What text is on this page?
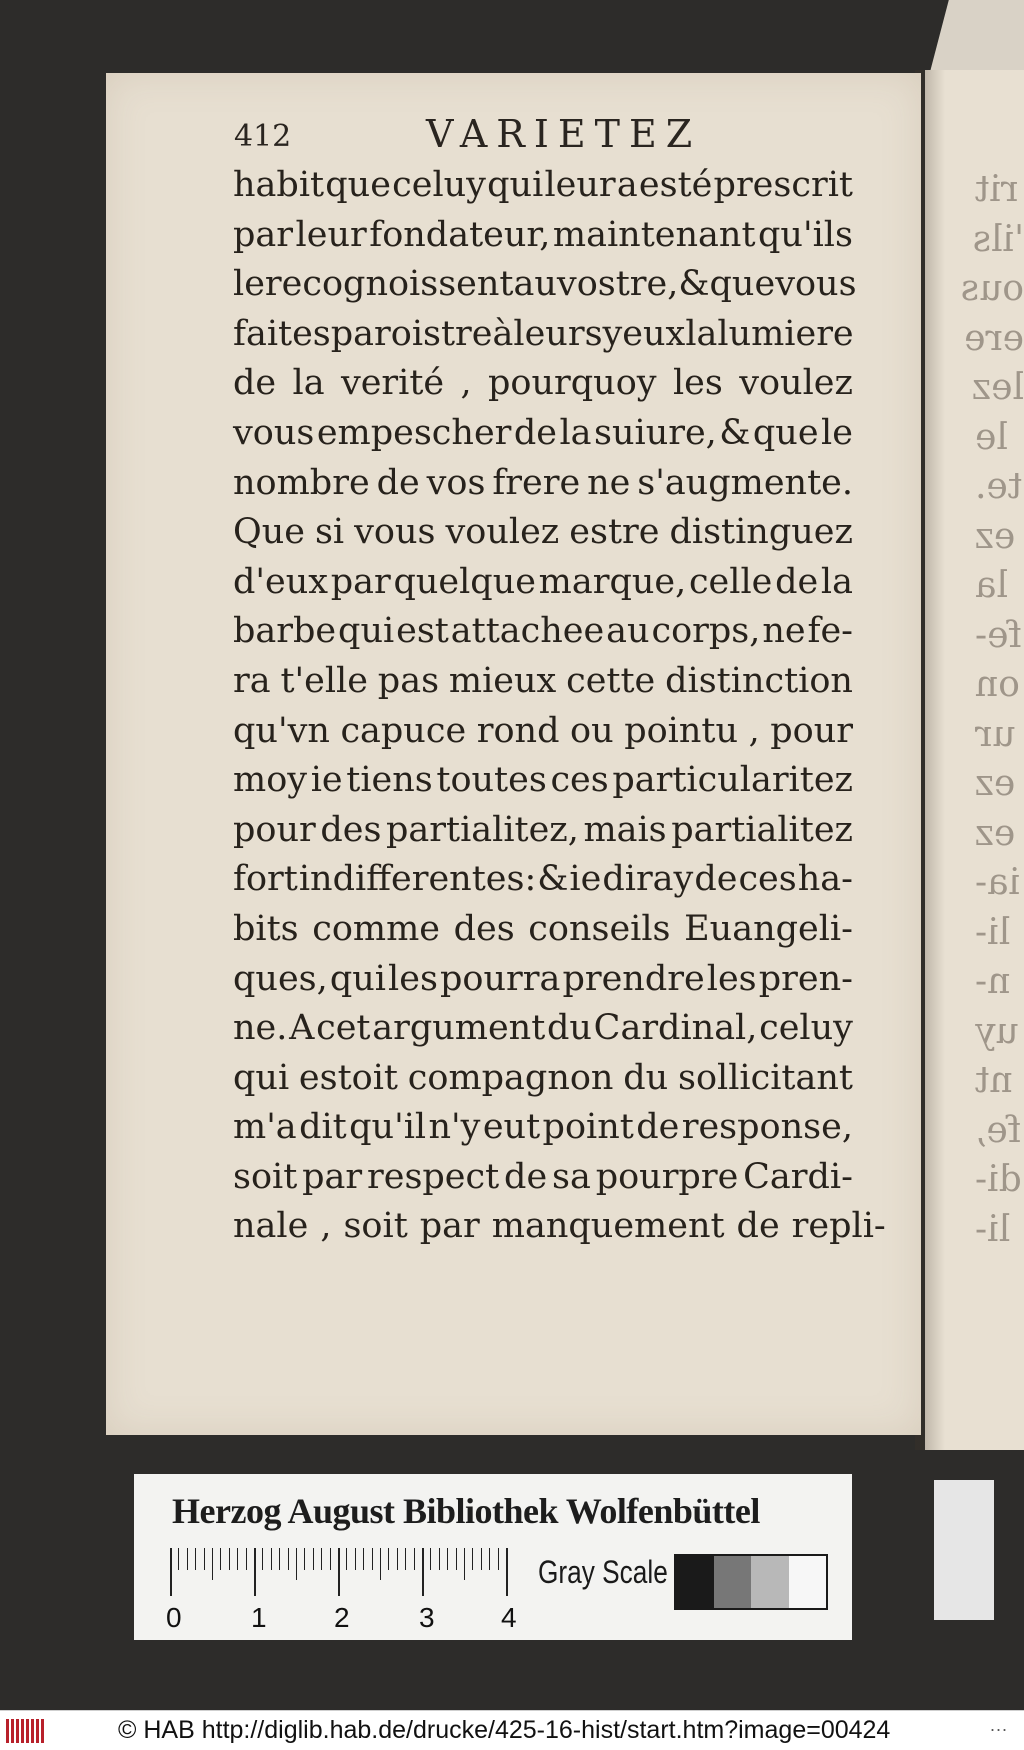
rit
'ils
ous
ere
lez
le
te.
ez
la
fe-
on
ur
ez
ez
ia-
li-
n-
uy
nt
fe,
di-
li-
412	VARIETEZ
habit que celuy qui leur a esté prescrit
par leur fondateur, maintenant qu'ils
le recognoissent au vostre, & que vous
faites paroistre à leurs yeux la lumiere
de la verité , pourquoy les voulez
vous empescher de la suiure, & que le
nombre de vos frere ne s'augmente.
Que si vous voulez estre distinguez
d'eux par quelque marque, celle de la
barbe qui est attachee au corps, ne fe-
ra t'elle pas mieux cette distinction
qu'vn capuce rond ou pointu , pour
moy ie tiens toutes ces particularitez
pour des partialitez, mais partialitez
fort indifferentes: & ie diray de ces ha-
bits comme des conseils Euangeli-
ques, qui les pourra prendre les pren-
ne. A cet argument du Cardinal, celuy
qui estoit compagnon du sollicitant
m'a dit qu'il n'y eut point de responsе,
soit par respect de sa pourpre Cardi-
nale , soit par manquement de repli-
Herzog August Bibliothek Wolfenbüttel
0 1 2 3 4
Gray Scale
© HAB http://diglib.hab.de/drucke/425-16-hist/start.htm?image=00424	...
